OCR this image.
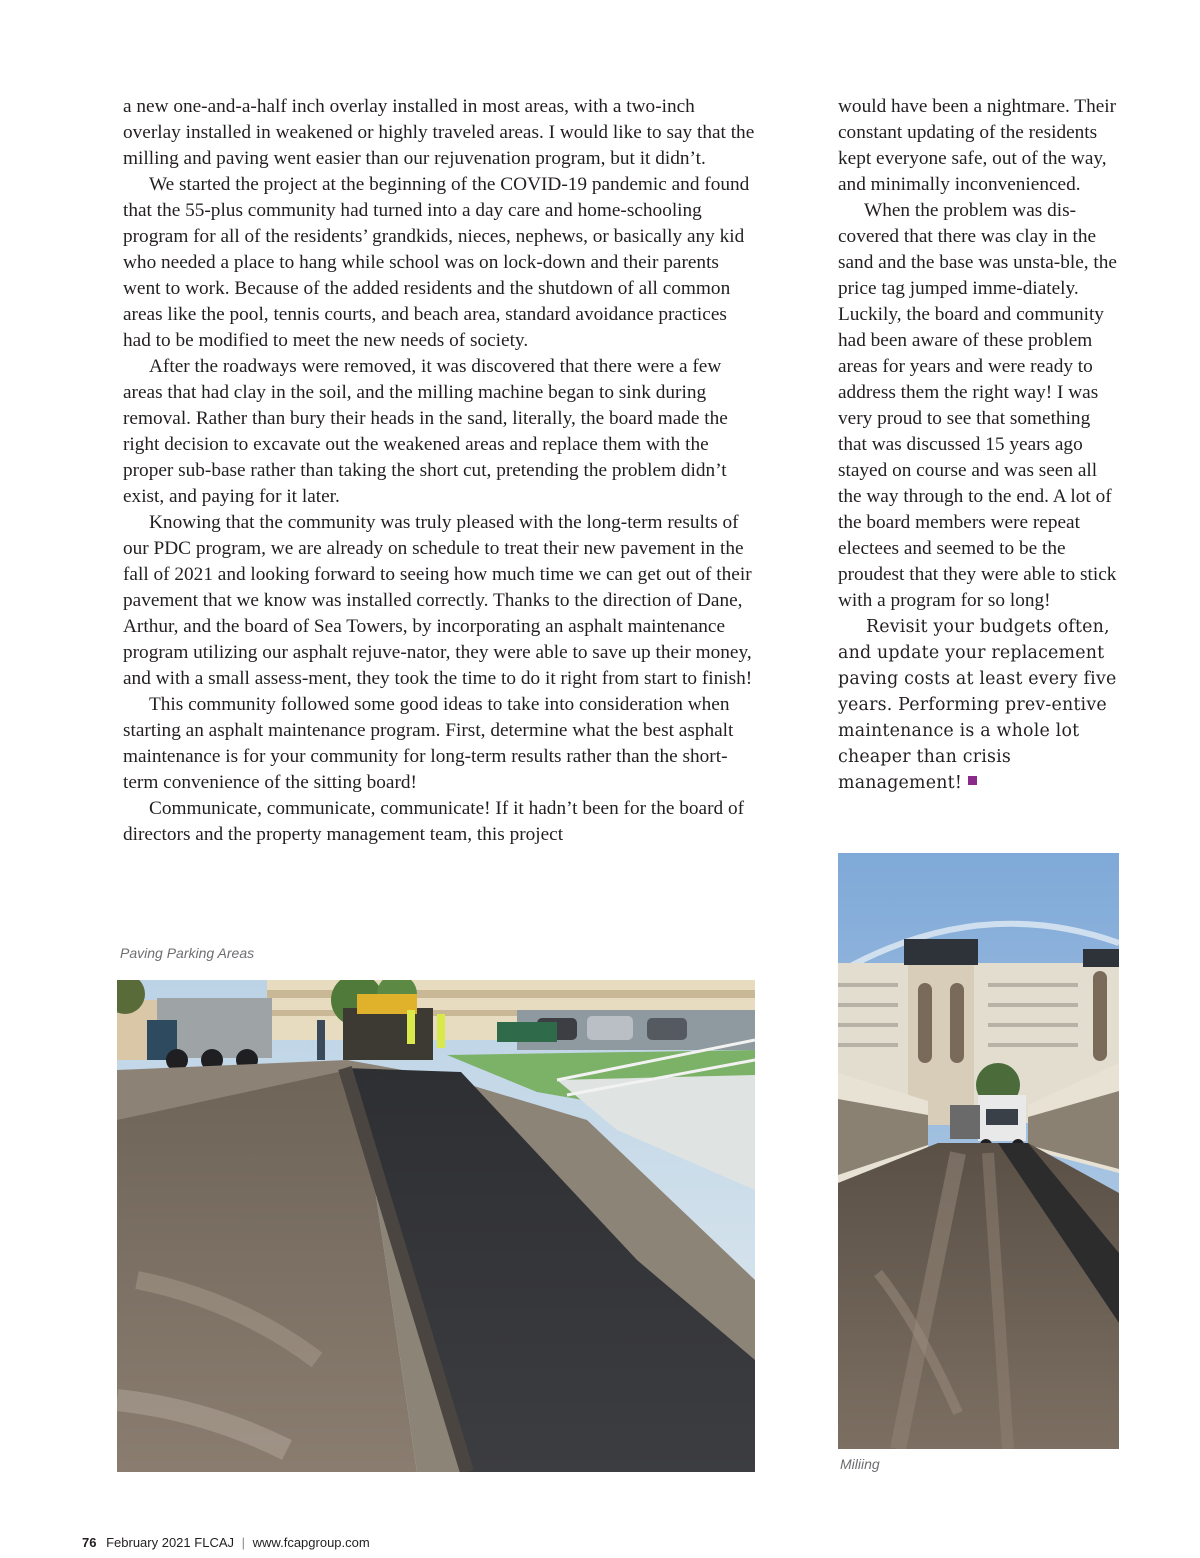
a new one-and-a-half inch overlay installed in most areas, with a two-inch overlay installed in weakened or highly traveled areas. I would like to say that the milling and paving went easier than our rejuvenation program, but it didn’t.

We started the project at the beginning of the COVID-19 pandemic and found that the 55-plus community had turned into a day care and home-schooling program for all of the residents’ grandkids, nieces, nephews, or basically any kid who needed a place to hang while school was on lock-down and their parents went to work. Because of the added residents and the shutdown of all common areas like the pool, tennis courts, and beach area, standard avoidance practices had to be modified to meet the new needs of society.

After the roadways were removed, it was discovered that there were a few areas that had clay in the soil, and the milling machine began to sink during removal. Rather than bury their heads in the sand, literally, the board made the right decision to excavate out the weakened areas and replace them with the proper sub-base rather than taking the short cut, pretending the problem didn’t exist, and paying for it later.

Knowing that the community was truly pleased with the long-term results of our PDC program, we are already on schedule to treat their new pavement in the fall of 2021 and looking forward to seeing how much time we can get out of their pavement that we know was installed correctly. Thanks to the direction of Dane, Arthur, and the board of Sea Towers, by incorporating an asphalt maintenance program utilizing our asphalt rejuve-nator, they were able to save up their money, and with a small assess-ment, they took the time to do it right from start to finish!

This community followed some good ideas to take into consideration when starting an asphalt maintenance program. First, determine what the best asphalt maintenance is for your community for long-term results rather than the short-term convenience of the sitting board!

Communicate, communicate, communicate! If it hadn’t been for the board of directors and the property management team, this project

would have been a nightmare. Their constant updating of the residents kept everyone safe, out of the way, and minimally inconvenienced.

When the problem was dis-covered that there was clay in the sand and the base was unsta-ble, the price tag jumped imme-diately. Luckily, the board and community had been aware of these problem areas for years and were ready to address them the right way! I was very proud to see that something that was discussed 15 years ago stayed on course and was seen all the way through to the end. A lot of the board members were repeat electees and seemed to be the proudest that they were able to stick with a program for so long!

Revisit your budgets often, and update your replacement paving costs at least every five years. Performing prev-entive maintenance is a whole lot cheaper than crisis management!

Paving Parking Areas
Miliing
76 February 2021 FLCAJ | www.fcapgroup.com
